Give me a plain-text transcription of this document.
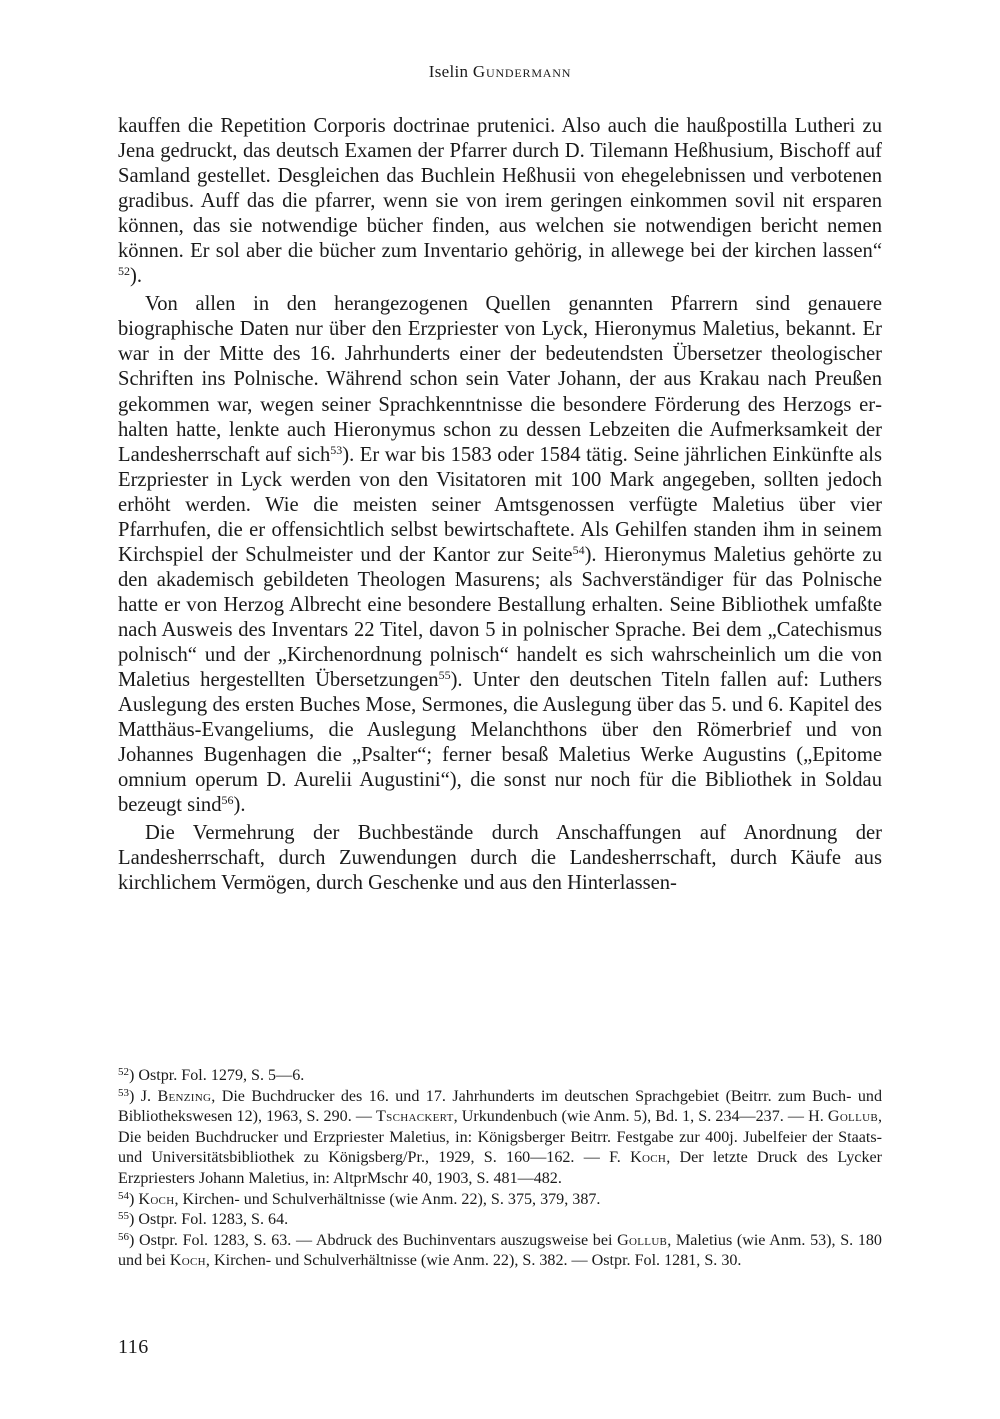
Iselin Gundermann

kauffen die Repetition Corporis doctrinae prutenici. Also auch die haußpostilla Lutheri zu Jena gedruckt, das deutsch Examen der Pfarrer durch D. Tilemann Heßhusium, Bischoff auf Samland gestellet. Desgleichen das Buchlein Heßhusii von ehegelebnissen und verbotenen gradibus. Auff das die pfarrer, wenn sie von irem geringen einkommen sovil nit ersparen können, das sie notwendige bücher finden, aus welchen sie notwendigen bericht nemen können. Er sol aber die bücher zum Inventario gehörig, in allewege bei der kirchen lassen“ $^{52}$).

Von allen in den herangezogenen Quellen genannten Pfarrern sind genauere biographische Daten nur über den Erzpriester von Lyck, Hieronymus Maletius, bekannt. Er war in der Mitte des 16. Jahrhunderts einer der bedeutendsten Übersetzer theologischer Schriften ins Polnische. Während schon sein Vater Johann, der aus Krakau nach Preußen gekommen war, wegen seiner Sprachkenntnisse die besondere Förderung des Herzogs erhalten hatte, lenkte auch Hieronymus schon zu dessen Lebzeiten die Aufmerksamkeit der Landesherrschaft auf sich$^{53}$). Er war bis 1583 oder 1584 tätig. Seine jährlichen Einkünfte als Erzpriester in Lyck werden von den Visitatoren mit 100 Mark angegeben, sollten jedoch erhöht werden. Wie die meisten seiner Amtsgenossen verfügte Maletius über vier Pfarrhufen, die er offensichtlich selbst bewirtschaftete. Als Gehilfen standen ihm in seinem Kirchspiel der Schulmeister und der Kantor zur Seite$^{54}$). Hieronymus Maletius gehörte zu den akademisch gebildeten Theologen Masurens; als Sachverständiger für das Polnische hatte er von Herzog Albrecht eine besondere Bestallung erhalten. Seine Bibliothek umfaßte nach Ausweis des Inventars 22 Titel, davon 5 in polnischer Sprache. Bei dem „Catechismus polnisch“ und der „Kirchenordnung polnisch“ handelt es sich wahrscheinlich um die von Maletius hergestellten Übersetzungen$^{55}$). Unter den deutschen Titeln fallen auf: Luthers Auslegung des ersten Buches Mose, Sermones, die Auslegung über das 5. und 6. Kapitel des Matthäus-Evangeliums, die Auslegung Melanchthons über den Römerbrief und von Johannes Bugenhagen die „Psalter“; ferner besaß Maletius Werke Augustins („Epitome omnium operum D. Aurelii Augustini“), die sonst nur noch für die Bibliothek in Soldau bezeugt sind$^{56}$).

Die Vermehrung der Buchbestände durch Anschaffungen auf Anordnung der Landesherrschaft, durch Zuwendungen durch die Landesherrschaft, durch Käufe aus kirchlichem Vermögen, durch Geschenke und aus den Hinterlassen-

$^{52}$) Ostpr. Fol. 1279, S. 5—6.

$^{53}$) J. Benzing, Die Buchdrucker des 16. und 17. Jahrhunderts im deutschen Sprachgebiet (Beitrr. zum Buch- und Bibliothekswesen 12), 1963, S. 290. — Tschackert, Urkundenbuch (wie Anm. 5), Bd. 1, S. 234—237. — H. Gollub, Die beiden Buchdrucker und Erzpriester Maletius, in: Königsberger Beitrr. Festgabe zur 400j. Jubelfeier der Staats- und Universitätsbibliothek zu Königsberg/Pr., 1929, S. 160—162. — F. Koch, Der letzte Druck des Lycker Erzpriesters Johann Maletius, in: AltprMschr 40, 1903, S. 481—482.

$^{54}$) Koch, Kirchen- und Schulverhältnisse (wie Anm. 22), S. 375, 379, 387.

$^{55}$) Ostpr. Fol. 1283, S. 64.

$^{56}$) Ostpr. Fol. 1283, S. 63. — Abdruck des Buchinventars auszugsweise bei Gollub, Maletius (wie Anm. 53), S. 180 und bei Koch, Kirchen- und Schulverhältnisse (wie Anm. 22), S. 382. — Ostpr. Fol. 1281, S. 30.

116
